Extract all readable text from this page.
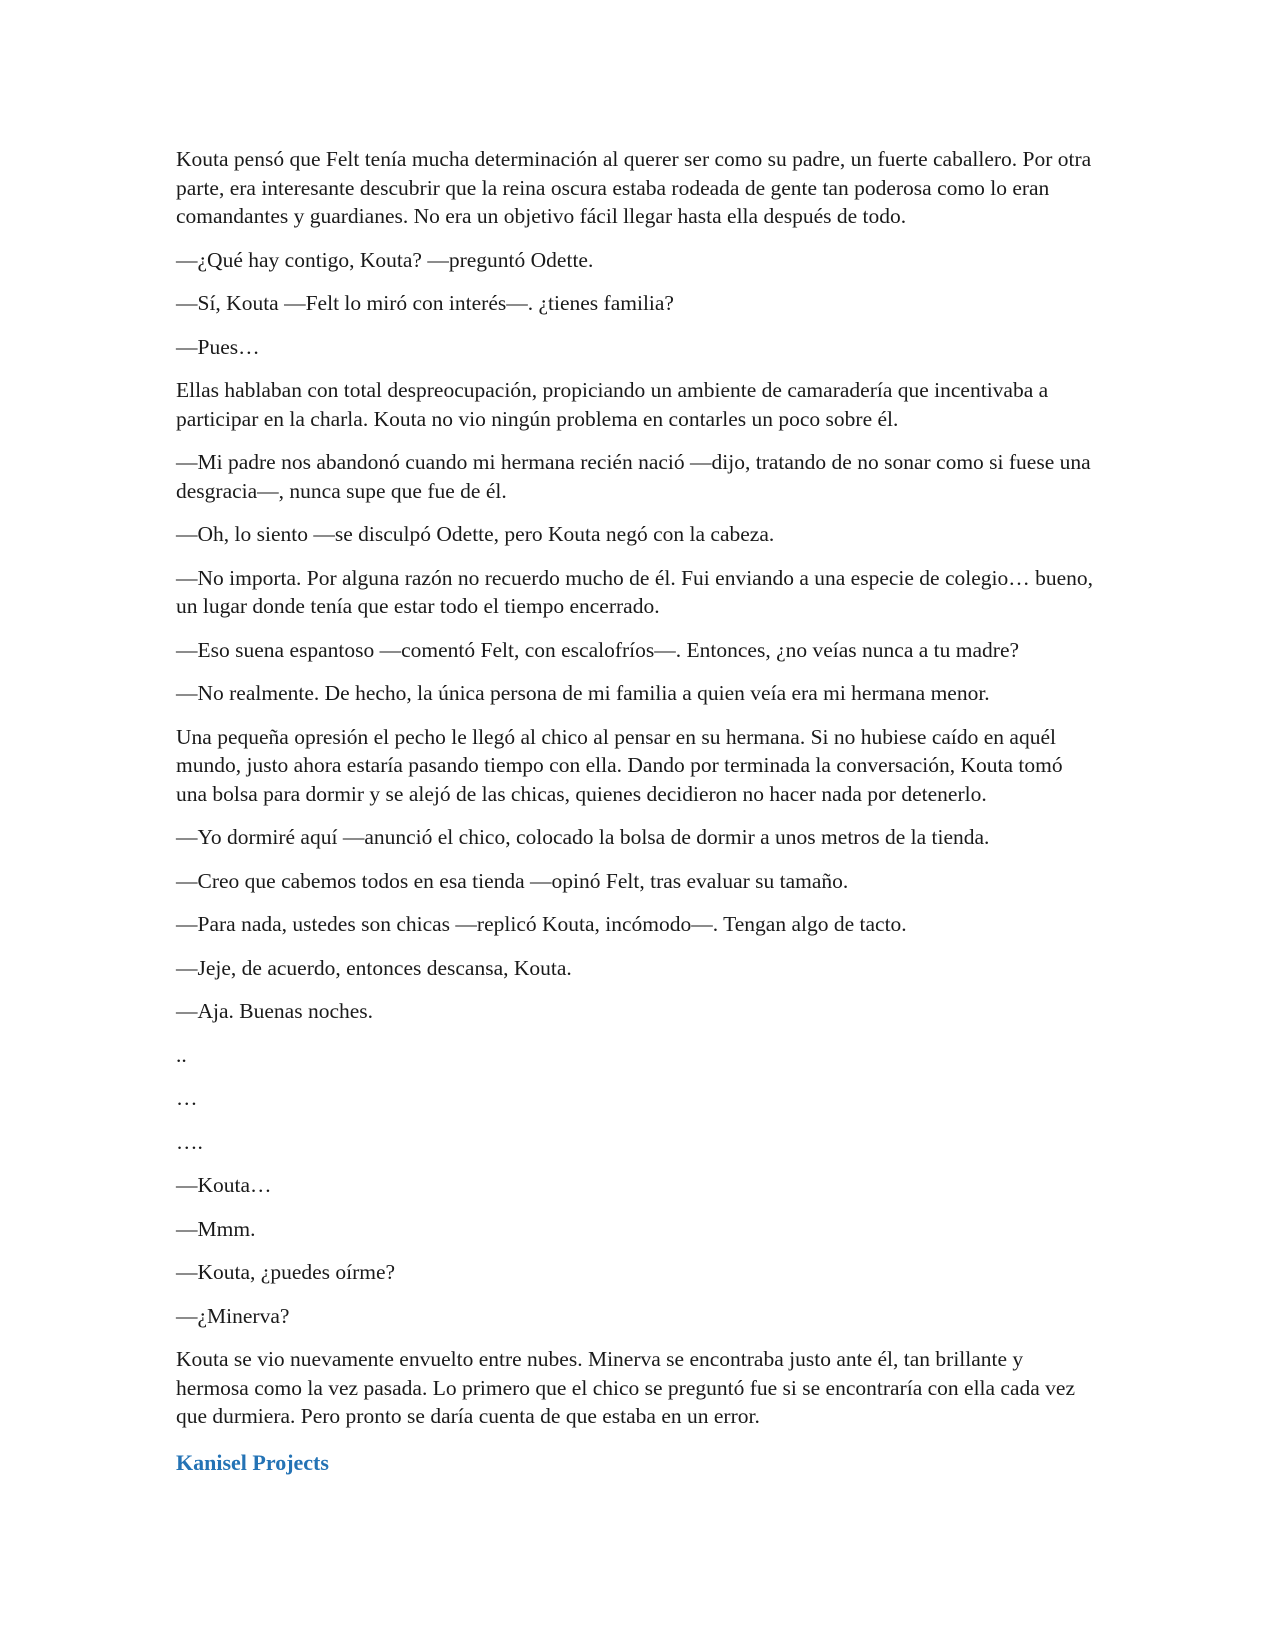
Kouta pensó que Felt tenía mucha determinación al querer ser como su padre, un fuerte caballero. Por otra parte, era interesante descubrir que la reina oscura estaba rodeada de gente tan poderosa como lo eran comandantes y guardianes. No era un objetivo fácil llegar hasta ella después de todo.

—¿Qué hay contigo, Kouta? —preguntó Odette.

—Sí, Kouta —Felt lo miró con interés—. ¿tienes familia?

—Pues…

Ellas hablaban con total despreocupación, propiciando un ambiente de camaradería que incentivaba a participar en la charla. Kouta no vio ningún problema en contarles un poco sobre él.

—Mi padre nos abandonó cuando mi hermana recién nació —dijo, tratando de no sonar como si fuese una desgracia—, nunca supe que fue de él.

—Oh, lo siento —se disculpó Odette, pero Kouta negó con la cabeza.

—No importa. Por alguna razón no recuerdo mucho de él. Fui enviando a una especie de colegio… bueno, un lugar donde tenía que estar todo el tiempo encerrado.

—Eso suena espantoso —comentó Felt, con escalofríos—. Entonces, ¿no veías nunca a tu madre?

—No realmente. De hecho, la única persona de mi familia a quien veía era mi hermana menor.

Una pequeña opresión el pecho le llegó al chico al pensar en su hermana. Si no hubiese caído en aquél mundo, justo ahora estaría pasando tiempo con ella. Dando por terminada la conversación, Kouta tomó una bolsa para dormir y se alejó de las chicas, quienes decidieron no hacer nada por detenerlo.

—Yo dormiré aquí —anunció el chico, colocado la bolsa de dormir a unos metros de la tienda.

—Creo que cabemos todos en esa tienda —opinó Felt, tras evaluar su tamaño.

—Para nada, ustedes son chicas —replicó Kouta, incómodo—. Tengan algo de tacto.

—Jeje, de acuerdo, entonces descansa, Kouta.

—Aja. Buenas noches.

..

…

….

—Kouta…

—Mmm.

—Kouta, ¿puedes oírme?

—¿Minerva?

Kouta se vio nuevamente envuelto entre nubes. Minerva se encontraba justo ante él, tan brillante y hermosa como la vez pasada. Lo primero que el chico se preguntó fue si se encontraría con ella cada vez que durmiera. Pero pronto se daría cuenta de que estaba en un error.

Kanisel Projects
